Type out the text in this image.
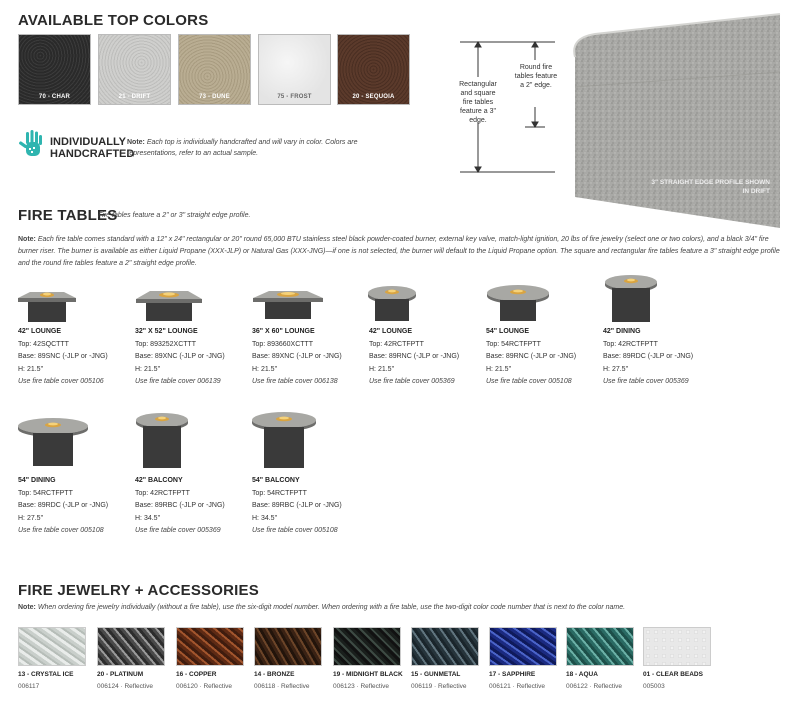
AVAILABLE TOP COLORS
70 - CHAR	21 - DRIFT	73 - DUNE	75 - FROST	20 - SEQUOIA
INDIVIDUALLY
HANDCRAFTED
Note: Each top is individually handcrafted and will vary in color. Colors are representations, refer to an actual sample.
Rectangular and square fire tables feature a 3" edge.
Round fire tables feature a 2" edge.
3" STRAIGHT EDGE PROFILE SHOWN IN DRIFT
FIRE TABLES
Fire tables feature a 2" or 3" straight edge profile.
Note: Each fire table comes standard with a 12" x 24" rectangular or 20" round 65,000 BTU stainless steel black powder-coated burner, external key valve, match-light ignition, 20 lbs of fire jewelry (select one or two colors), and a black 3/4" fire burner riser. The burner is available as either Liquid Propane (XXX-JLP) or Natural Gas (XXX-JNG)—if one is not selected, the burner will default to the Liquid Propane option. The square and rectangular fire tables feature a 3" straight edge profile and the round fire tables feature a 2" straight edge profile.
42" LOUNGE
Top: 42SQCTTT
Base: 89SNC (-JLP or -JNG)
H: 21.5"
Use fire table cover 005106
32" X 52" LOUNGE
Top: 893252XCTTT
Base: 89XNC (-JLP or -JNG)
H: 21.5"
Use fire table cover 006139
36" X 60" LOUNGE
Top: 893660XCTTT
Base: 89XNC (-JLP or -JNG)
H: 21.5"
Use fire table cover 006138
42" LOUNGE
Top: 42RCTFPTT
Base: 89RNC (-JLP or -JNG)
H: 21.5"
Use fire table cover 005369
54" LOUNGE
Top: 54RCTFPTT
Base: 89RNC (-JLP or -JNG)
H: 21.5"
Use fire table cover 005108
42" DINING
Top: 42RCTFPTT
Base: 89RDC (-JLP or -JNG)
H: 27.5"
Use fire table cover 005369
54" DINING
Top: 54RCTFPTT
Base: 89RDC (-JLP or -JNG)
H: 27.5"
Use fire table cover 005108
42" BALCONY
Top: 42RCTFPTT
Base: 89RBC (-JLP or -JNG)
H: 34.5"
Use fire table cover 005369
54" BALCONY
Top: 54RCTFPTT
Base: 89RBC (-JLP or -JNG)
H: 34.5"
Use fire table cover 005108
FIRE JEWELRY + ACCESSORIES
Note: When ordering fire jewelry individually (without a fire table), use the six-digit model number. When ordering with a fire table, use the two-digit color code number that is next to the color name.
13 - CRYSTAL ICE	20 - PLATINUM	16 - COPPER	14 - BRONZE	19 - MIDNIGHT BLACK 15 - GUNMETAL	17 - SAPPHIRE	18 - AQUA	01 - CLEAR BEADS
006117	006124 · Reflective	006120 · Reflective	006118 · Reflective	006123 · Reflective	006119 · Reflective	006121 · Reflective	006122 · Reflective	005003
